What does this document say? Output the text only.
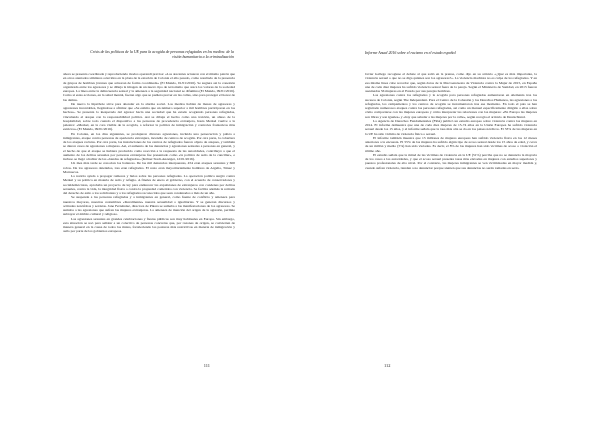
Crisis de las políticas de la UE para la acogida de personas refugiadas en los medios: de la visión humanitaria a la criminalización

ahora se presenta coordinada y reproduciendo modos operandi previos: «Los atacantes actuaron con el mismo patrón que en otros atentados similares ocurridos en la plaza de la estación de Colonia el año pasado, como resultado de la presencia de grupos de hombres jóvenes que actuaron de forma coordinada» (El Mundo, 01/01/2016). Se sugiere así la conexión organizada entre los agresores y se dibuja la imagen de un nuevo tipo de terrorismo que ataca los valores de la sociedad europea. La línea entre la delincuencia sexual y la amenaza a la seguridad nacional se difumina (El Mundo, 09/01/2016). Como si estas acciones, en la salud mental, fueran algo que se pudiera prever en las calles, sino para proteger el honor de las damas.

De nuevo la hipérbole sirve para ahondar en la alarma social. Los medios hablan de masas de agresores y agresiones incontables, llegándose a afirmar que «Se estima que un número superior a mil hombres participaron en los hechos». Se presenta lo inesperado del agresor hacia una sociedad que ha estado acogiendo personas refugiadas, vinculando el ataque con la responsabilidad política. Así se dibuja el hecho como una traición, un abuso de la hospitalidad, sobre todo cuando el dispositivo a las personas de procedencia extranjera, hasta Merkel vuelve a la palestra: «Merkel, en la cara visible de la acogida, a reforzar la política de inmigración y controles fronterizos más estrictos» (El Mundo, 09/01/2016).

En Colonia, en los días siguientes, se produjeron diversas agresiones, incluida una persecución y paliza a inmigrantes, ataque contra personas de apariencia extranjera, incendio de centros de acogida. Por otra parte, la cobertura de los ataques racistas. Por otra parte, las instalaciones de los centros de refugiados fueron objeto de ataques, y también se dieron casos de agresiones a mujeres. Así, el aumento de las denuncias y agresiones sexuales a personas en general, y el hecho de que el ataque se hubiera producido como reacción a la respuesta de las autoridades, contribuyó a que el aumento de los delitos sexuales por personas extranjeras fue presentado como «la política de asilo de la canciller», e incluso se llegó a hablar de las «bandas de refugiados» (Kölner Stadt-Anzeiger, 12/01/2016).

Un mes más tarde se conocían los balances. De las mil denuncias interpuestas, 454 eran ataques sexuales y 600 robos. De los agresores detenidos, tres eran refugiados. El resto eran mayoritariamente hombres de Argelia, Túnez y Marruecos.

La noticia ayuda a propagar rumores y bulos sobre las personas refugiadas. La operación política surgió contra Merkel y su política en materia de asilo y refugio. A finales de enero el gobierno, con el acuerdo de conservadores y socialdemócratas, aprobaba un proyecto de ley para endurecer las expulsiones de extranjeros con condenas por delitos sexuales, contra la vida, la integridad física o contra la propiedad cometidos con violencia. Se facilita además la retirada del derecho de asilo a los solicitantes y a los refugiados reconocidos que sean condenados a más de un año.

Se suspende a las personas refugiadas y a inmigrantes en general, como fuente de conflicto y amenaza para nuestros mayores, nuestras costumbres «literalmente» nuestra sexualidad o igualitarias. Y se generan discursos y actitudes xenófobas y sexistas. Jane Fernández, directora de Pikara se sumaba a las manifestaciones de los agresores. Se sumaba a las agresiones que sufren las mujeres extranjeras. La amenaza de mención del origen de la agresión, permite subrayar el ámbito cultural y religioso.

Las agresiones sexuales en grandes celebraciones y fiestas públicas son muy habituales en Europa. Sin embargo, esta situación se usó para señalar a un colectivo de personas concretas que, por razones de origen, se convierten de manera general en la causa de todos los males, fortaleciendo las posturas más restrictivas en materia de inmigración y asilo por parte de los gobiernos europeos.

111
Informe Anual 2016 sobre el racismo en el estado español

Javier Gallego recogiese el debate al que salió en la prensa, como dijo en su artículo «¿Qué es más importante, la violencia sexual o que no se diga quiénes son los agresores?». La violencia machista no es culpa de los refugiados. Y en esa misma línea cabe recordar que, según datos de la Macroencuesta de Violencia contra la Mujer de 2015, en España una de cada diez mujeres ha sufrido violencia sexual fuera de la pareja. Según el Ministerio de Sanidad, en 2015 fueron asesinadas 56 mujeres en el Estado por sus parejas hombres.

Las agresiones contra los refugiados y la acogida para personas refugiadas aumentaron en Alemania tras los sucesos de Colonia, según The Independent. Para el Centro de la Cohesión y los Derechos Humanos, las agresiones a los refugiados, los campamentos y los centros de acogida se incrementaron tras ese momento. En todo el país se han registrado numerosos ataques contra las personas refugiadas, así como un manual específicamente dirigido a ellas sobre cómo comportarse con las mujeres europeas y cómo interpretar las relaciones con las mujeres: «En Europa las mujeres son libres y son iguales» y «hay que saludar a las mujeres por la calle», según recogía el artículo de Deutschland.

La Agencia de Derechos Fundamentales (FRA) publicó un estudio europeo sobre violencia contra las mujeres en 2014. El informe demuestra que una de cada diez mujeres de 15-74 años en la Unión Europea ha sufrido violencia sexual desde los 15 años, y el informe señala que la tasa más alta se da en los países nórdicos. El 33% de las mujeres en la UE ha sido víctima de violencia física o sexual.

El informe también muestra que 13 millones de mujeres europeas han sufrido violencia física en los 12 meses anteriores a la encuesta. El 55% de las mujeres ha sufrido algún tipo de acoso sexual desde los 15 años de edad, y cerca de un millón y medio (5%) han sido violadas. Es decir, el 8% de las mujeres han sido víctimas de acoso o violación el último año.

El estudio señala que la mitad de las víctimas de violencia en la UE (51%) percibe que no se denuncia la mayoría de los casos a las autoridades, y que el acoso sexual presenta tasas más elevadas en mujeres con estudios superiores y puestos profesionales de alto nivel. Por el contrario, las mujeres inmigrantes se ven victimizadas en mayor medida y, cuando sufren violencia, tienden a no denunciar porque sienten que sus denuncias no serán tomadas en serio.

112
